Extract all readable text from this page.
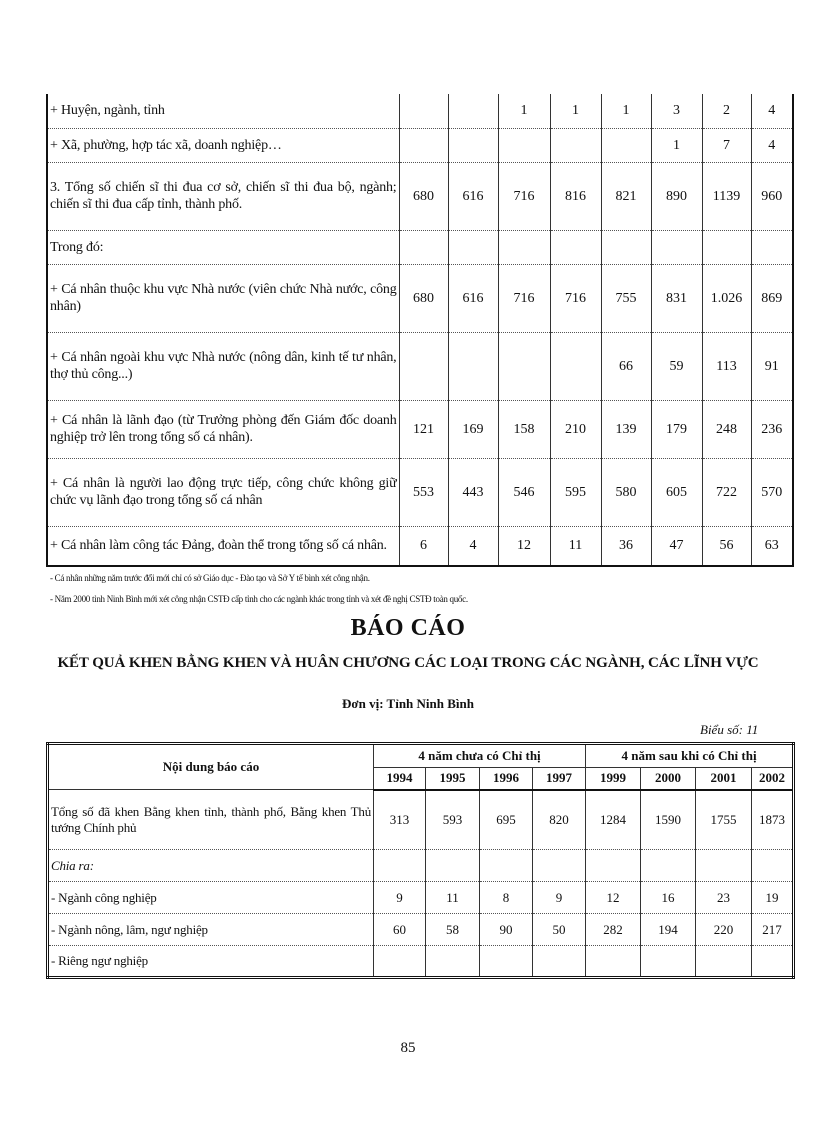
+ Huyện, ngành, tỉnh			1	1	1	3	2	4
+ Xã, phường, hợp tác xã, doanh nghiệp…						1	7	4
3. Tổng số chiến sĩ thi đua cơ sở, chiến sĩ thi đua bộ, ngành; chiến sĩ thi đua cấp tỉnh, thành phố.	680	616	716	816	821	890	1139	960
Trong đó:								
+ Cá nhân thuộc khu vực Nhà nước (viên chức Nhà nước, công nhân)	680	616	716	716	755	831	1.026	869
+ Cá nhân ngoài khu vực Nhà nước (nông dân, kinh tế tư nhân, thợ thủ công...)					66	59	113	91
+ Cá nhân là lãnh đạo (từ Trưởng phòng đến Giám đốc doanh nghiệp trở lên trong tổng số cá nhân).	121	169	158	210	139	179	248	236
+ Cá nhân là người lao động trực tiếp, công chức không giữ chức vụ lãnh đạo trong tổng số cá nhân	553	443	546	595	580	605	722	570
+ Cá nhân làm công tác Đảng, đoàn thể trong tổng số cá nhân.	6	4	12	11	36	47	56	63
- Cá nhân những năm trước đổi mới chỉ có sở Giáo dục - Đào tạo và Sở Y tế bình xét công nhận.
- Năm 2000 tỉnh Ninh Bình mới xét công nhận CSTĐ cấp tỉnh cho các ngành khác trong tỉnh và xét đề nghị CSTĐ toàn quốc.
BÁO CÁO
KẾT QUẢ KHEN BẰNG KHEN VÀ HUÂN CHƯƠNG CÁC LOẠI TRONG CÁC NGÀNH, CÁC LĨNH VỰC
Đơn vị: Tỉnh Ninh Bình
Biểu số: 11
Nội dung báo cáo	4 năm chưa có Chỉ thị				4 năm sau khi có Chỉ thị			
	1994	1995	1996	1997	1999	2000	2001	2002
Tổng số đã khen Bằng khen tỉnh, thành phố, Bằng khen Thủ tướng Chính phủ	313	593	695	820	1284	1590	1755	1873
Chia ra:								
- Ngành công nghiệp	9	11	8	9	12	16	23	19
- Ngành nông, lâm, ngư nghiệp	60	58	90	50	282	194	220	217
- Riêng ngư nghiệp								
85
